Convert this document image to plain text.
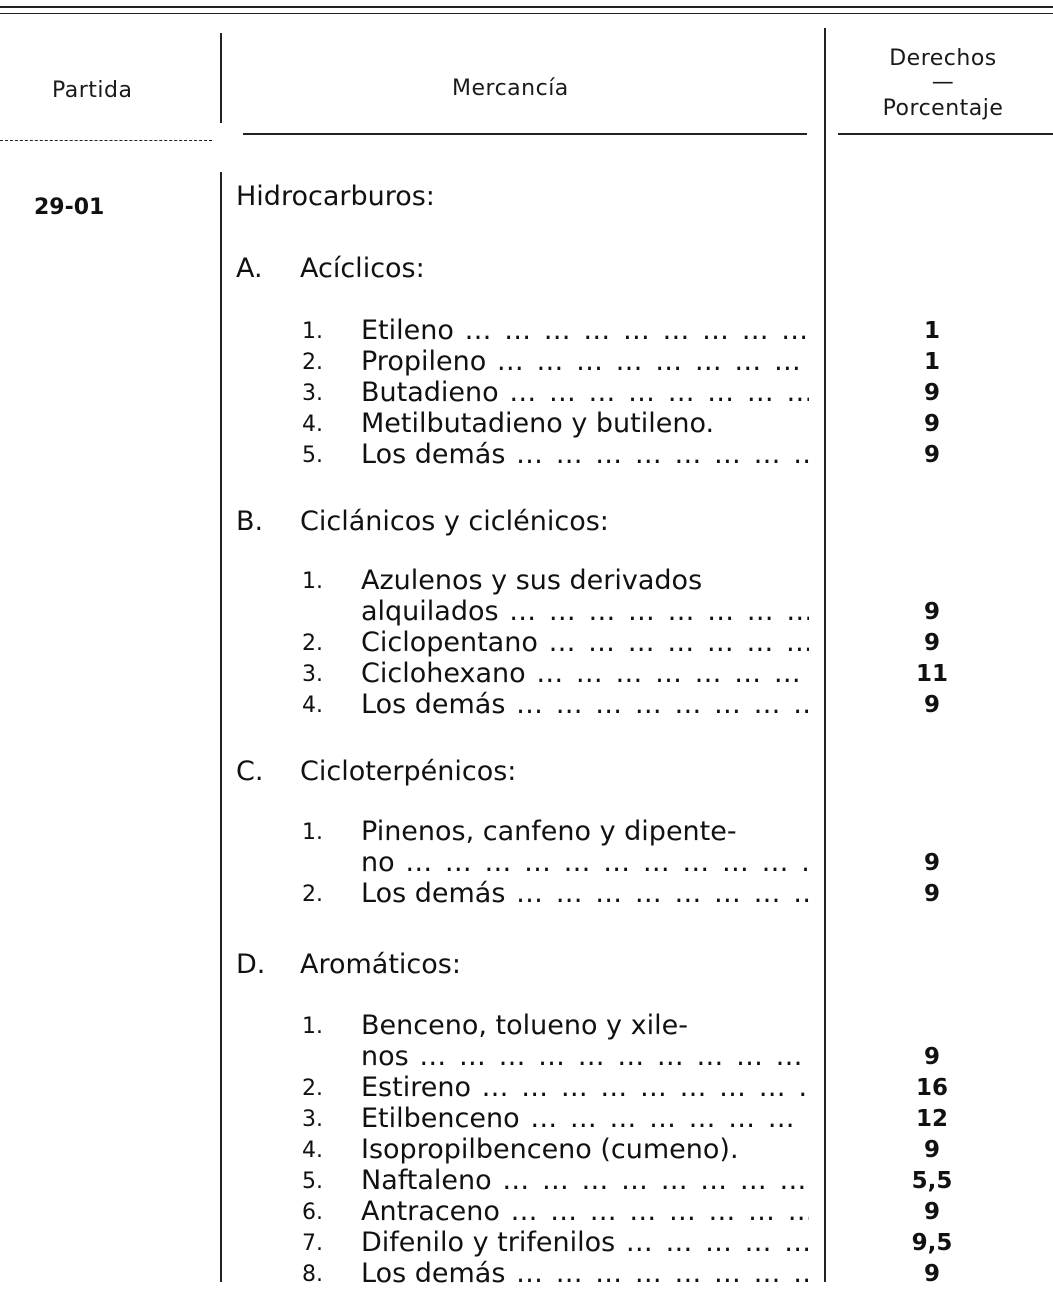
Partida	Mercancía
Derechos
—
Porcentaje
29-01	Hidrocarburos:
A. Acíclicos:
1.	Etileno … … … … … … … … … … … … … … … … … … … …	1
2.	Propileno … … … … … … … … … … … … … … … … … … … …	1
3.	Butadieno … … … … … … … … … … … … … … … … … … … …	9
4.	Metilbutadieno y butileno.	9
5.	Los demás … … … … … … … … … … … … … … … … … … … …	9
B. Ciclánicos y ciclénicos:
1.	Azulenos y sus derivados
alquilados … … … … … … … … … … … … … … … … … … … …	9
2.	Ciclopentano … … … … … … … … … … … … … … … … … … … …	9
3.	Ciclohexano … … … … … … … … … … … … … … … … … … … …	11
4.	Los demás … … … … … … … … … … … … … … … … … … … …	9
C. Cicloterpénicos:
1.	Pinenos, canfeno y dipente-
no … … … … … … … … … … … … … … … … … … … …	9
2.	Los demás … … … … … … … … … … … … … … … … … … … …	9
D. Aromáticos:
1.	Benceno, tolueno y xile-
nos … … … … … … … … … … … … … … … … … … … …	9
2.	Estireno … … … … … … … … … … … … … … … … … … … …	16
3.	Etilbenceno … … … … … … … … … … … … … … … … … … … …	12
4.	Isopropilbenceno (cumeno).	9
5.	Naftaleno … … … … … … … … … … … … … … … … … … … …	5,5
6.	Antraceno … … … … … … … … … … … … … … … … … … … …	9
7.	Difenilo y trifenilos … … … … … … … … … … … … … … … … … … … …	9,5
8.	Los demás … … … … … … … … … … … … … … … … … … … …	9
